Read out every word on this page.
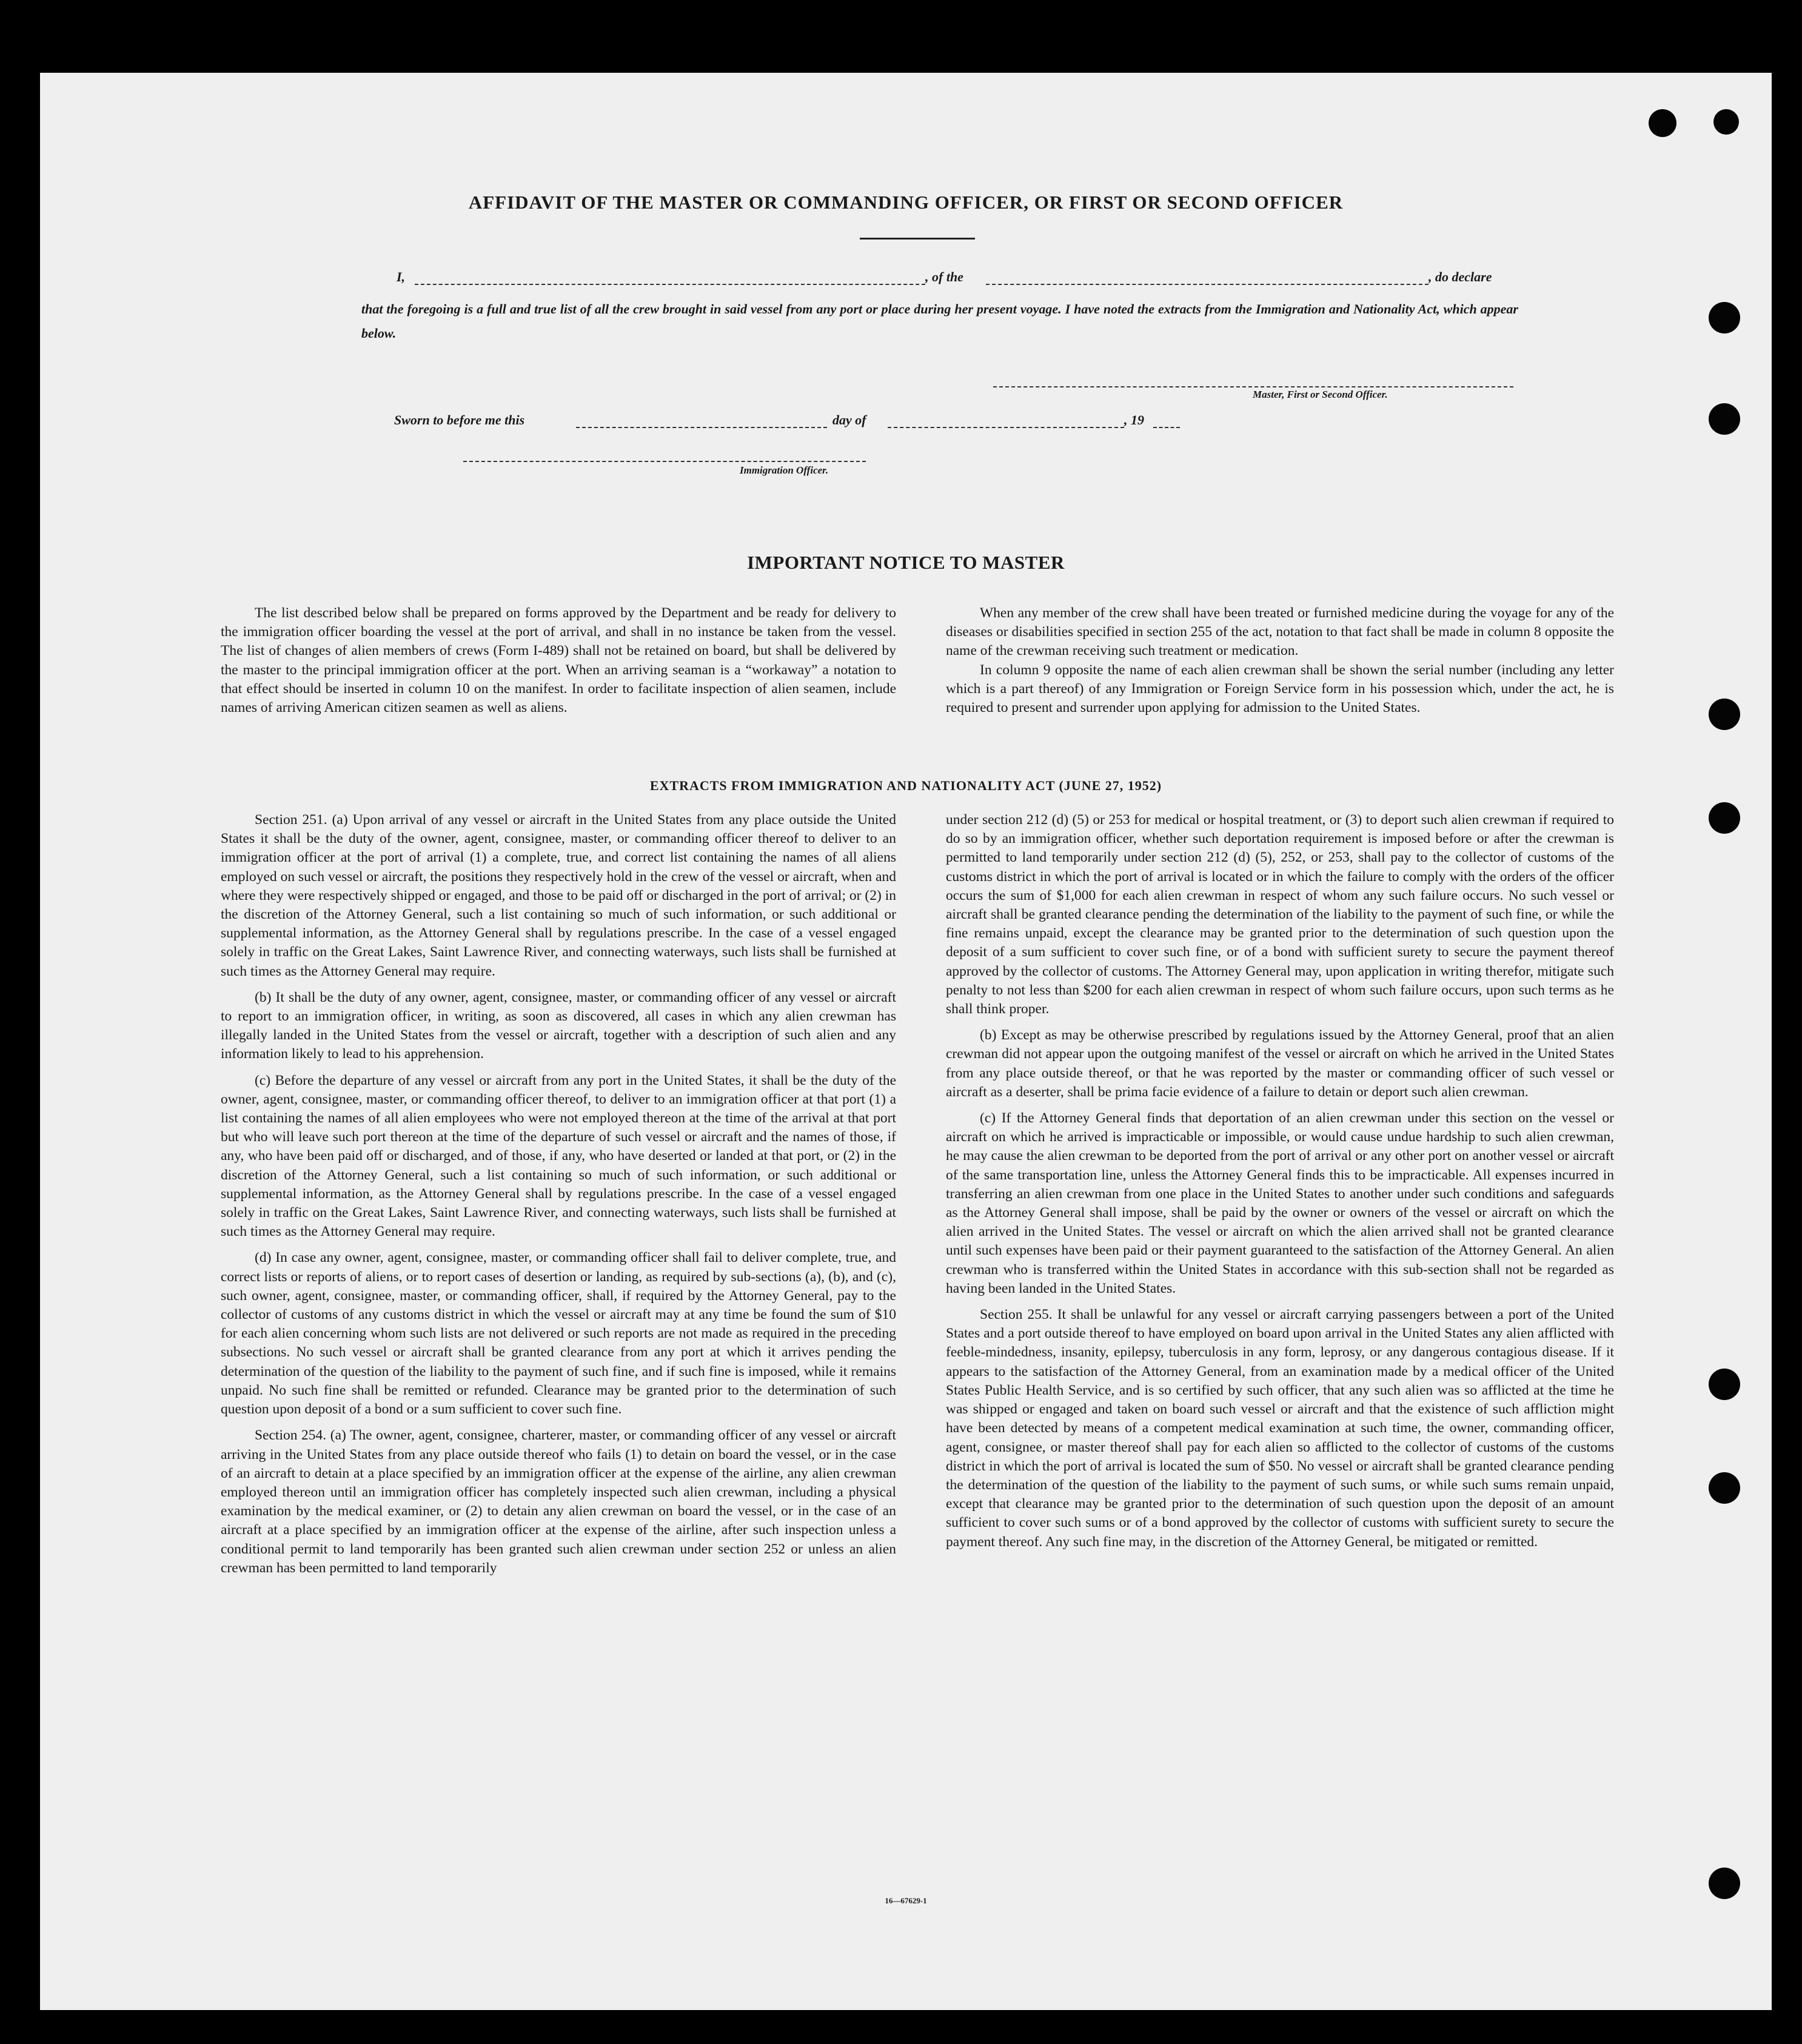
AFFIDAVIT OF THE MASTER OR COMMANDING OFFICER, OR FIRST OR SECOND OFFICER
I,	, of the	, do declare
that the foregoing is a full and true list of all the crew brought in said vessel from any port or place during her present voyage. I have noted the extracts from the Immigration and Nationality Act, which appear below.
Master, First or Second Officer.
Sworn to before me this	day of	, 19
Immigration Officer.
IMPORTANT NOTICE TO MASTER

The list described below shall be prepared on forms approved by the Department and be ready for delivery to the immigration officer boarding the vessel at the port of arrival, and shall in no instance be taken from the vessel. The list of changes of alien members of crews (Form I-489) shall not be retained on board, but shall be delivered by the master to the principal immigration officer at the port. When an arriving seaman is a “workaway” a notation to that effect should be inserted in column 10 on the manifest. In order to facilitate inspection of alien seamen, include names of arriving American citizen seamen as well as aliens.

When any member of the crew shall have been treated or furnished medicine during the voyage for any of the diseases or disabilities specified in section 255 of the act, notation to that fact shall be made in column 8 opposite the name of the crewman receiving such treatment or medication.

In column 9 opposite the name of each alien crewman shall be shown the serial number (including any letter which is a part thereof) of any Immigration or Foreign Service form in his possession which, under the act, he is required to present and surrender upon applying for admission to the United States.

EXTRACTS FROM IMMIGRATION AND NATIONALITY ACT (JUNE 27, 1952)

Section 251. (a) Upon arrival of any vessel or aircraft in the United States from any place outside the United States it shall be the duty of the owner, agent, consignee, master, or commanding officer thereof to deliver to an immigration officer at the port of arrival (1) a complete, true, and correct list containing the names of all aliens employed on such vessel or aircraft, the positions they respectively hold in the crew of the vessel or aircraft, when and where they were respectively shipped or engaged, and those to be paid off or discharged in the port of arrival; or (2) in the discretion of the Attorney General, such a list containing so much of such information, or such additional or supplemental information, as the Attorney General shall by regulations prescribe. In the case of a vessel engaged solely in traffic on the Great Lakes, Saint Lawrence River, and connecting waterways, such lists shall be furnished at such times as the Attorney General may require.

(b) It shall be the duty of any owner, agent, consignee, master, or commanding officer of any vessel or aircraft to report to an immigration officer, in writing, as soon as discovered, all cases in which any alien crewman has illegally landed in the United States from the vessel or aircraft, together with a description of such alien and any information likely to lead to his apprehension.

(c) Before the departure of any vessel or aircraft from any port in the United States, it shall be the duty of the owner, agent, consignee, master, or commanding officer thereof, to deliver to an immigration officer at that port (1) a list containing the names of all alien employees who were not employed thereon at the time of the arrival at that port but who will leave such port thereon at the time of the departure of such vessel or aircraft and the names of those, if any, who have been paid off or discharged, and of those, if any, who have deserted or landed at that port, or (2) in the discretion of the Attorney General, such a list containing so much of such information, or such additional or supplemental information, as the Attorney General shall by regulations prescribe. In the case of a vessel engaged solely in traffic on the Great Lakes, Saint Lawrence River, and connecting waterways, such lists shall be furnished at such times as the Attorney General may require.

(d) In case any owner, agent, consignee, master, or commanding officer shall fail to deliver complete, true, and correct lists or reports of aliens, or to report cases of desertion or landing, as required by sub-sections (a), (b), and (c), such owner, agent, consignee, master, or commanding officer, shall, if required by the Attorney General, pay to the collector of customs of any customs district in which the vessel or aircraft may at any time be found the sum of $10 for each alien concerning whom such lists are not delivered or such reports are not made as required in the preceding subsections. No such vessel or aircraft shall be granted clearance from any port at which it arrives pending the determination of the question of the liability to the payment of such fine, and if such fine is imposed, while it remains unpaid. No such fine shall be remitted or refunded. Clearance may be granted prior to the determination of such question upon deposit of a bond or a sum sufficient to cover such fine.

Section 254. (a) The owner, agent, consignee, charterer, master, or commanding officer of any vessel or aircraft arriving in the United States from any place outside thereof who fails (1) to detain on board the vessel, or in the case of an aircraft to detain at a place specified by an immigration officer at the expense of the airline, any alien crewman employed thereon until an immigration officer has completely inspected such alien crewman, including a physical examination by the medical examiner, or (2) to detain any alien crewman on board the vessel, or in the case of an aircraft at a place specified by an immigration officer at the expense of the airline, after such inspection unless a conditional permit to land temporarily has been granted such alien crewman under section 252 or unless an alien crewman has been permitted to land temporarily

under section 212 (d) (5) or 253 for medical or hospital treatment, or (3) to deport such alien crewman if required to do so by an immigration officer, whether such deportation requirement is imposed before or after the crewman is permitted to land temporarily under section 212 (d) (5), 252, or 253, shall pay to the collector of customs of the customs district in which the port of arrival is located or in which the failure to comply with the orders of the officer occurs the sum of $1,000 for each alien crewman in respect of whom any such failure occurs. No such vessel or aircraft shall be granted clearance pending the determination of the liability to the payment of such fine, or while the fine remains unpaid, except the clearance may be granted prior to the determination of such question upon the deposit of a sum sufficient to cover such fine, or of a bond with sufficient surety to secure the payment thereof approved by the collector of customs. The Attorney General may, upon application in writing therefor, mitigate such penalty to not less than $200 for each alien crewman in respect of whom such failure occurs, upon such terms as he shall think proper.

(b) Except as may be otherwise prescribed by regulations issued by the Attorney General, proof that an alien crewman did not appear upon the outgoing manifest of the vessel or aircraft on which he arrived in the United States from any place outside thereof, or that he was reported by the master or commanding officer of such vessel or aircraft as a deserter, shall be prima facie evidence of a failure to detain or deport such alien crewman.

(c) If the Attorney General finds that deportation of an alien crewman under this section on the vessel or aircraft on which he arrived is impracticable or impossible, or would cause undue hardship to such alien crewman, he may cause the alien crewman to be deported from the port of arrival or any other port on another vessel or aircraft of the same transportation line, unless the Attorney General finds this to be impracticable. All expenses incurred in transferring an alien crewman from one place in the United States to another under such conditions and safeguards as the Attorney General shall impose, shall be paid by the owner or owners of the vessel or aircraft on which the alien arrived in the United States. The vessel or aircraft on which the alien arrived shall not be granted clearance until such expenses have been paid or their payment guaranteed to the satisfaction of the Attorney General. An alien crewman who is transferred within the United States in accordance with this sub-section shall not be regarded as having been landed in the United States.

Section 255. It shall be unlawful for any vessel or aircraft carrying passengers between a port of the United States and a port outside thereof to have employed on board upon arrival in the United States any alien afflicted with feeble-mindedness, insanity, epilepsy, tuberculosis in any form, leprosy, or any dangerous contagious disease. If it appears to the satisfaction of the Attorney General, from an examination made by a medical officer of the United States Public Health Service, and is so certified by such officer, that any such alien was so afflicted at the time he was shipped or engaged and taken on board such vessel or aircraft and that the existence of such affliction might have been detected by means of a competent medical examination at such time, the owner, commanding officer, agent, consignee, or master thereof shall pay for each alien so afflicted to the collector of customs of the customs district in which the port of arrival is located the sum of $50. No vessel or aircraft shall be granted clearance pending the determination of the question of the liability to the payment of such sums, or while such sums remain unpaid, except that clearance may be granted prior to the determination of such question upon the deposit of an amount sufficient to cover such sums or of a bond approved by the collector of customs with sufficient surety to secure the payment thereof. Any such fine may, in the discretion of the Attorney General, be mitigated or remitted.

16—67629-1
